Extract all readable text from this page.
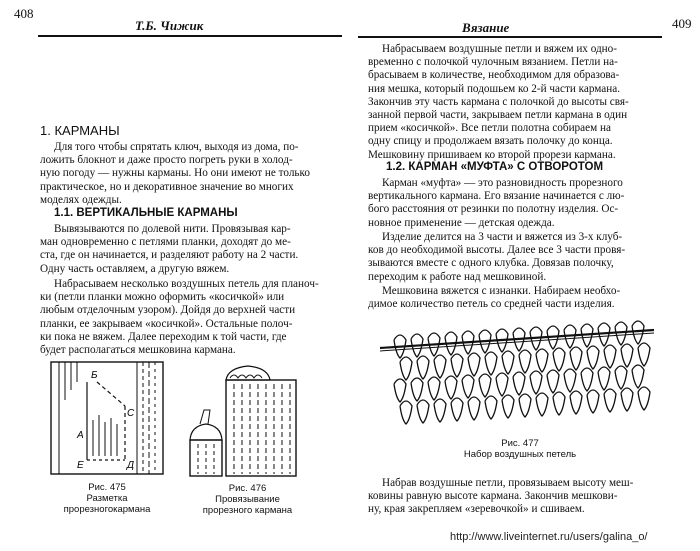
408
Т.Б. Чижик
1. КАРМАНЫ
Для того чтобы спрятать ключ, выходя из дома, по-
ложить блокнот и даже просто погреть руки в холод-
ную погоду — нужны карманы. Но они имеют не только
практическое, но и декоративное значение во многих
моделях одежды.
1.1. ВЕРТИКАЛЬНЫЕ КАРМАНЫ
Вывязываются по долевой нити. Провязывая кар-
ман одновременно с петлями планки, доходят до ме-
ста, где он начинается, и разделяют работу на 2 части.
Одну часть оставляем, а другую вяжем.
Набрасываем несколько воздушных петель для планоч-
ки (петли планки можно оформить «косичкой» или
любым отделочным узором). Дойдя до верхней части
планки, ее закрываем «косичкой». Остальные полоч-
ки пока не вяжем. Далее переходим к той части, где
будет располагаться мешковина кармана.
Б
С
А
Е	Д
Рис. 475
Разметка
прорезногокармана
Рис. 476
Провязывание
прорезного кармана
Вязание	409
Набрасываем воздушные петли и вяжем их одно-
временно с полочкой чулочным вязанием. Петли на-
брасываем в количестве, необходимом для образова-
ния мешка, который подошьем ко 2-й части кармана.
Закончив эту часть кармана с полочкой до высоты свя-
занной первой части, закрываем петли кармана в один
прием «косичкой». Все петли полотна собираем на
одну спицу и продолжаем вязать полочку до конца.
Мешковину пришиваем ко второй прорези кармана.
1.2. КАРМАН «МУФТА» С ОТВОРОТОМ
Карман «муфта» — это разновидность прорезного
вертикального кармана. Его вязание начинается с лю-
бого расстояния от резинки по полотну изделия. Ос-
новное применение — детская одежда.
Изделие делится на 3 части и вяжется из 3-х клуб-
ков до необходимой высоты. Далее все 3 части провя-
зываются вместе с одного клубка. Довязав полочку,
переходим к работе над мешковиной.
Мешковина вяжется с изнанки. Набираем необхо-
димое количество петель со средней части изделия.
Рис. 477
Набор воздушных петель
Набрав воздушные петли, провязываем высоту меш-
ковины равную высоте кармана. Закончив мешкови-
ну, края закрепляем «зеревочкой» и сшиваем.
http://www.liveinternet.ru/users/galina_o/
